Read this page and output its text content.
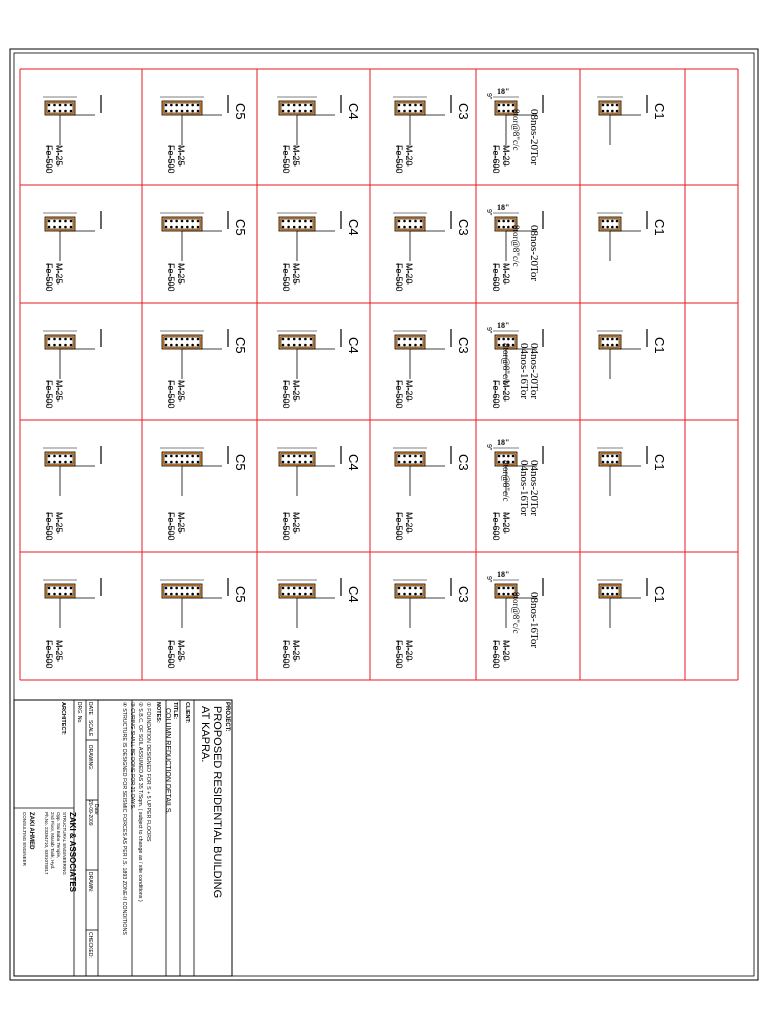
C1
9"
18"
08nos-20Tor
8tor@8"c/c
M-20
Fe-600
C3
M-20
Fe-500
C4
M-25
Fe-500
C5
M-25
Fe-500
M-25
Fe-500
C1
9"
18"
08nos-20Tor
8tor@8"c/c
M-20
Fe-600
C3
M-20
Fe-500
C4
M-25
Fe-500
C5
M-25
Fe-500
M-25
Fe-500
C1
9"
18"
04nos-20Tor
04nos-16Tor
8tor@8"c/c
M-20
Fe-600
C3
M-20
Fe-500
C4
M-25
Fe-500
C5
M-25
Fe-500
M-25
Fe-500
C1
9"
18"
04nos-20Tor
04nos-16Tor
8tor@8"c/c
M-20
Fe-600
C3
M-20
Fe-500
C4
M-25
Fe-500
C5
M-25
Fe-500
M-25
Fe-500
C1
9"
18"
08nos-16Tor
8tor@8"c/c
M-20
Fe-600
C3
M-20
Fe-500
C4
M-25
Fe-500
C5
M-25
Fe-500
M-25
Fe-500
PROJECT:
PROPOSED RESIDENTIAL BUILDING
AT KAPRA.
CLIENT:
TITLE:
COLUMN REDUCTION DETAILS.
NOTES:
① FOUNDATION DESIGNED FOR S + 5 UPPER FLOORS
② S.B.C. OF SOIL ASSUMED AS 35 T/Sqm. ( subject to change as / site conditions )
③ CURING SHALL BE DONE FOR 21 DAYS.
④ STRUCTURE IS DESIGNED FOR SEISMIC FORCES AS PER I.S. 1893 ZONE-II CONDITIONS
DATE
SCALE
DRAWING:
Date
20-09-2009
DRAWN:
CHECKED:
DRG. No.
ARCHITECT:
ZAKI & ASSOCIATES
STRUCTURAL ENGINEERING
Opp. Sai Baba Temple,
2nd Floor, Masab Tank, Hyd.
Ph.No. 23394710, 9391075817
ZAKI AHMED
CONSULTING ENGINEER
